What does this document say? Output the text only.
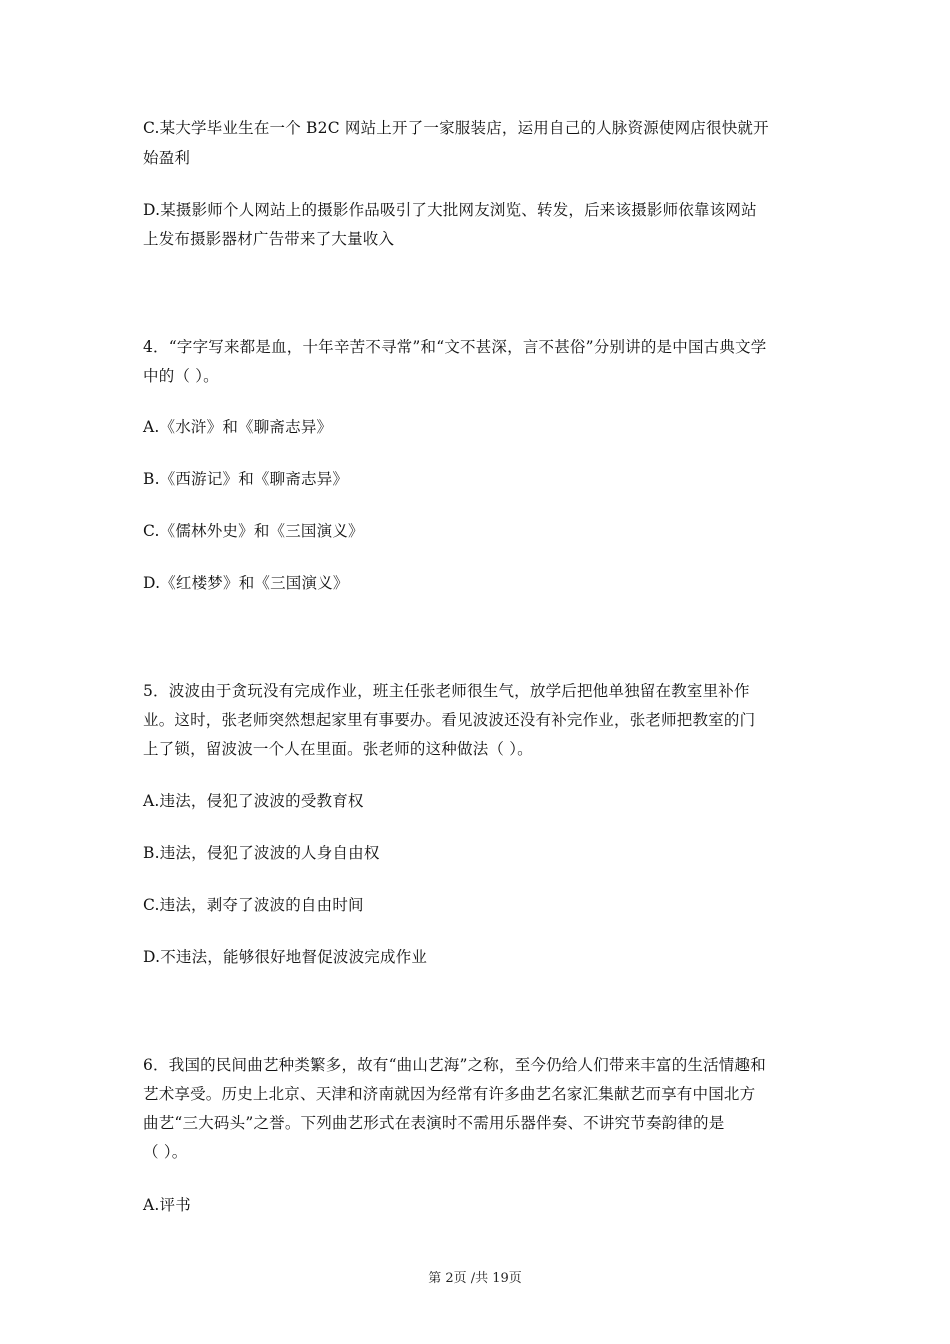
C.某大学毕业生在一个 B2C 网站上开了一家服装店，运用自己的人脉资源使网店很快就开
始盈利
D.某摄影师个人网站上的摄影作品吸引了大批网友浏览、转发，后来该摄影师依靠该网站
上发布摄影器材广告带来了大量收入
4．“字字写来都是血，十年辛苦不寻常”和“文不甚深，言不甚俗”分别讲的是中国古典文学
中的（ ）。
A.《水浒》和《聊斋志异》
B.《西游记》和《聊斋志异》
C.《儒林外史》和《三国演义》
D.《红楼梦》和《三国演义》
5．波波由于贪玩没有完成作业，班主任张老师很生气，放学后把他单独留在教室里补作
业。这时，张老师突然想起家里有事要办。看见波波还没有补完作业，张老师把教室的门
上了锁，留波波一个人在里面。张老师的这种做法（ ）。
A.违法，侵犯了波波的受教育权
B.违法，侵犯了波波的人身自由权
C.违法，剥夺了波波的自由时间
D.不违法，能够很好地督促波波完成作业
6．我国的民间曲艺种类繁多，故有“曲山艺海”之称，至今仍给人们带来丰富的生活情趣和
艺术享受。历史上北京、天津和济南就因为经常有许多曲艺名家汇集献艺而享有中国北方
曲艺“三大码头”之誉。下列曲艺形式在表演时不需用乐器伴奏、不讲究节奏韵律的是
（ ）。
A.评书
第 2页 /共 19页
